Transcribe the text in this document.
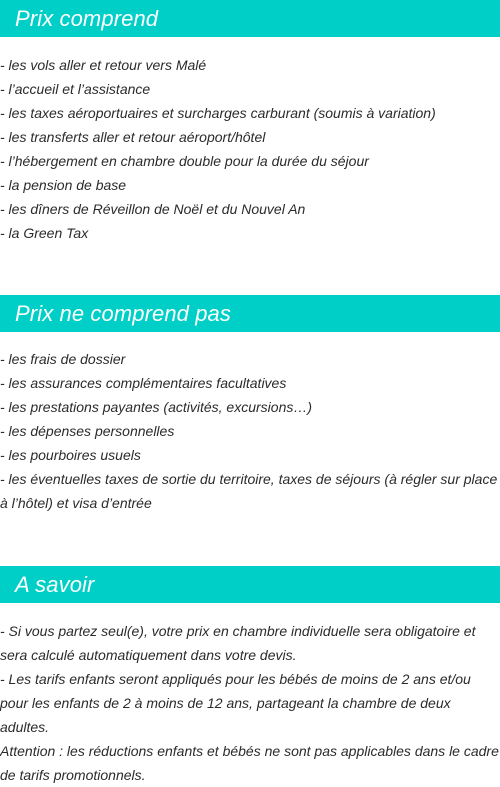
Prix comprend
- les vols aller et retour vers Malé
- l’accueil et l’assistance
- les taxes aéroportuaires et surcharges carburant (soumis à variation)
- les transferts aller et retour aéroport/hôtel
- l’hébergement en chambre double pour la durée du séjour
- la pension de base
- les dîners de Réveillon de Noël et du Nouvel An
- la Green Tax
Prix ne comprend pas
- les frais de dossier
- les assurances complémentaires facultatives
- les prestations payantes (activités, excursions…)
- les dépenses personnelles
- les pourboires usuels
- les éventuelles taxes de sortie du territoire, taxes de séjours (à régler sur place à l’hôtel) et visa d’entrée
A savoir

- Si vous partez seul(e), votre prix en chambre individuelle sera obligatoire et sera calculé automatiquement dans votre devis.

- Les tarifs enfants seront appliqués pour les bébés de moins de 2 ans et/ou pour les enfants de 2 à moins de 12 ans, partageant la chambre de deux adultes.

Attention : les réductions enfants et bébés ne sont pas applicables dans le cadre de tarifs promotionnels.
